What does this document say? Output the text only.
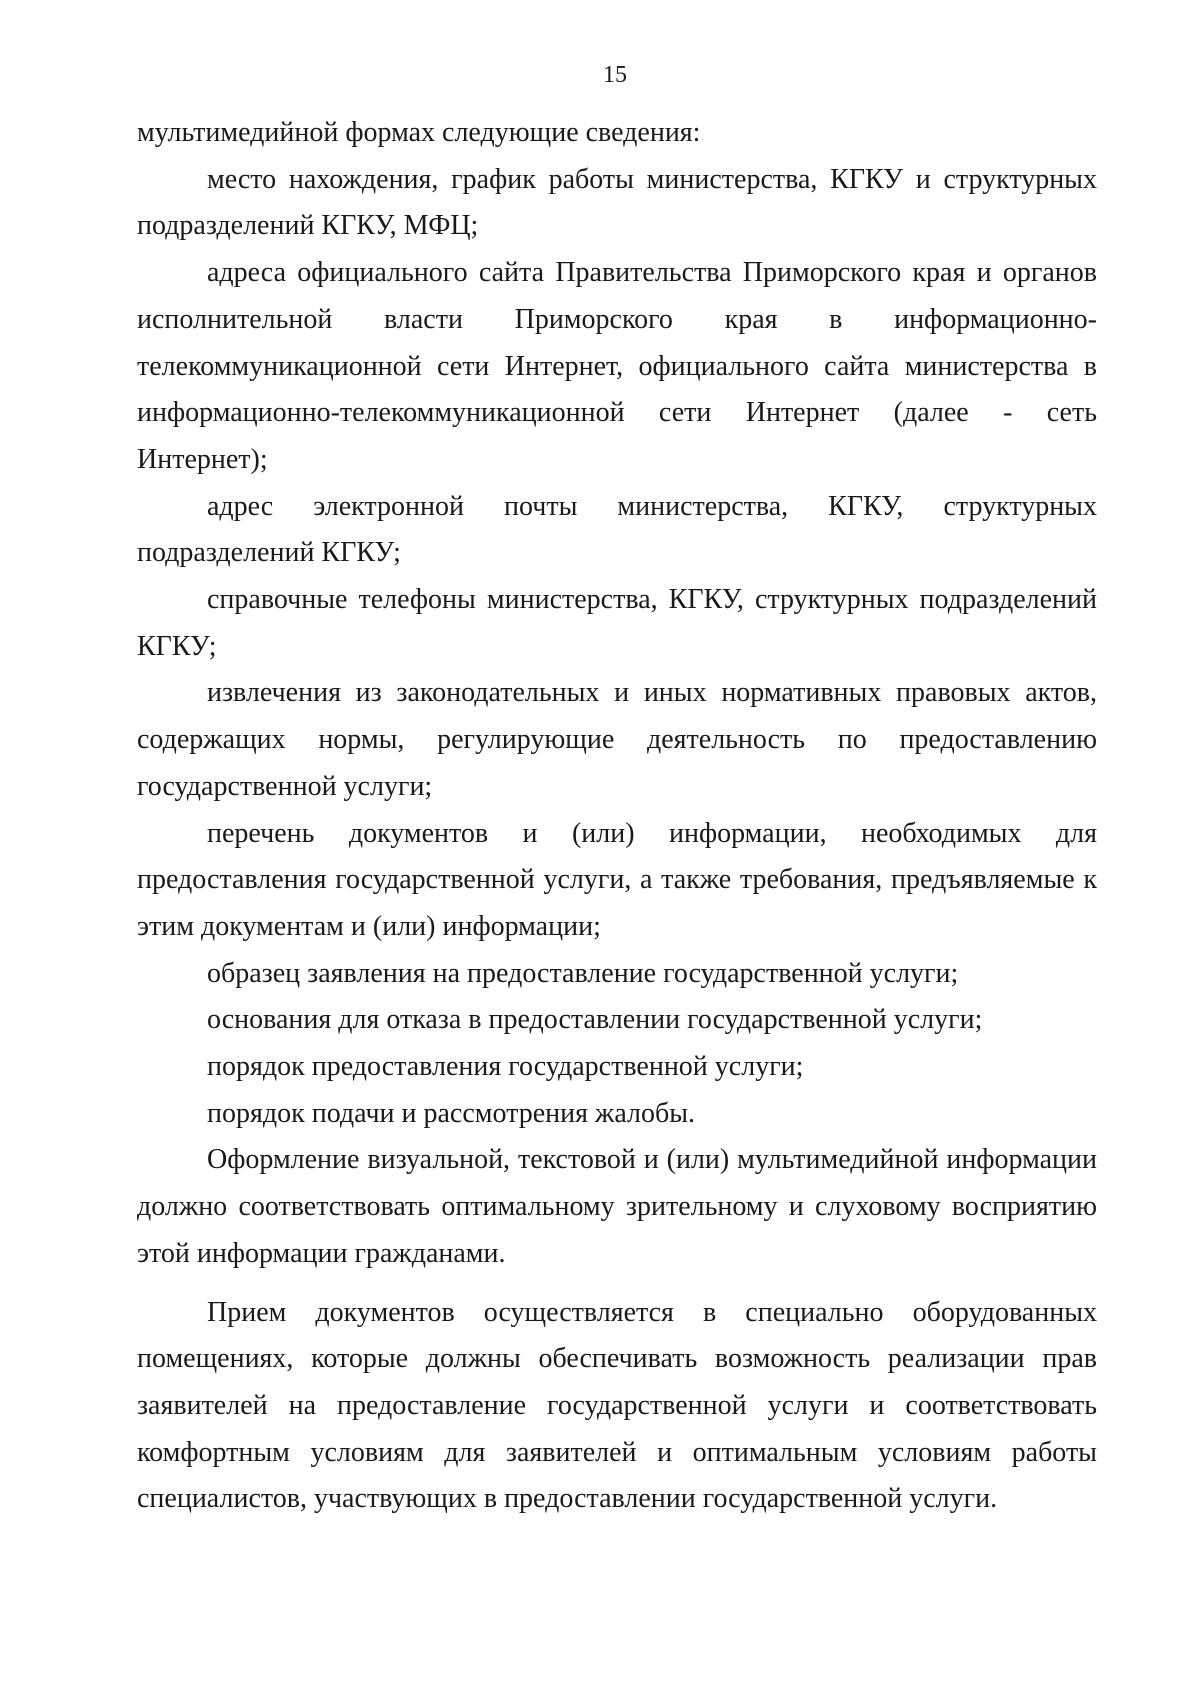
15

мультимедийной формах следующие сведения:

место нахождения, график работы министерства, КГКУ и структурных подразделений КГКУ, МФЦ;

адреса официального сайта Правительства Приморского края и органов исполнительной власти Приморского края в информационно-телекоммуникационной сети Интернет, официального сайта министерства в информационно-телекоммуникационной сети Интернет (далее - сеть Интернет);

адрес электронной почты министерства, КГКУ, структурных подразделений КГКУ;

справочные телефоны министерства, КГКУ, структурных подразделений КГКУ;

извлечения из законодательных и иных нормативных правовых актов, содержащих нормы, регулирующие деятельность по предоставлению государственной услуги;

перечень документов и (или) информации, необходимых для предоставления государственной услуги, а также требования, предъявляемые к этим документам и (или) информации;

образец заявления на предоставление государственной услуги;

основания для отказа в предоставлении государственной услуги;

порядок предоставления государственной услуги;

порядок подачи и рассмотрения жалобы.

Оформление визуальной, текстовой и (или) мультимедийной информации должно соответствовать оптимальному зрительному и слуховому восприятию этой информации гражданами.

Прием документов осуществляется в специально оборудованных помещениях, которые должны обеспечивать возможность реализации прав заявителей на предоставление государственной услуги и соответствовать комфортным условиям для заявителей и оптимальным условиям работы специалистов, участвующих в предоставлении государственной услуги.
